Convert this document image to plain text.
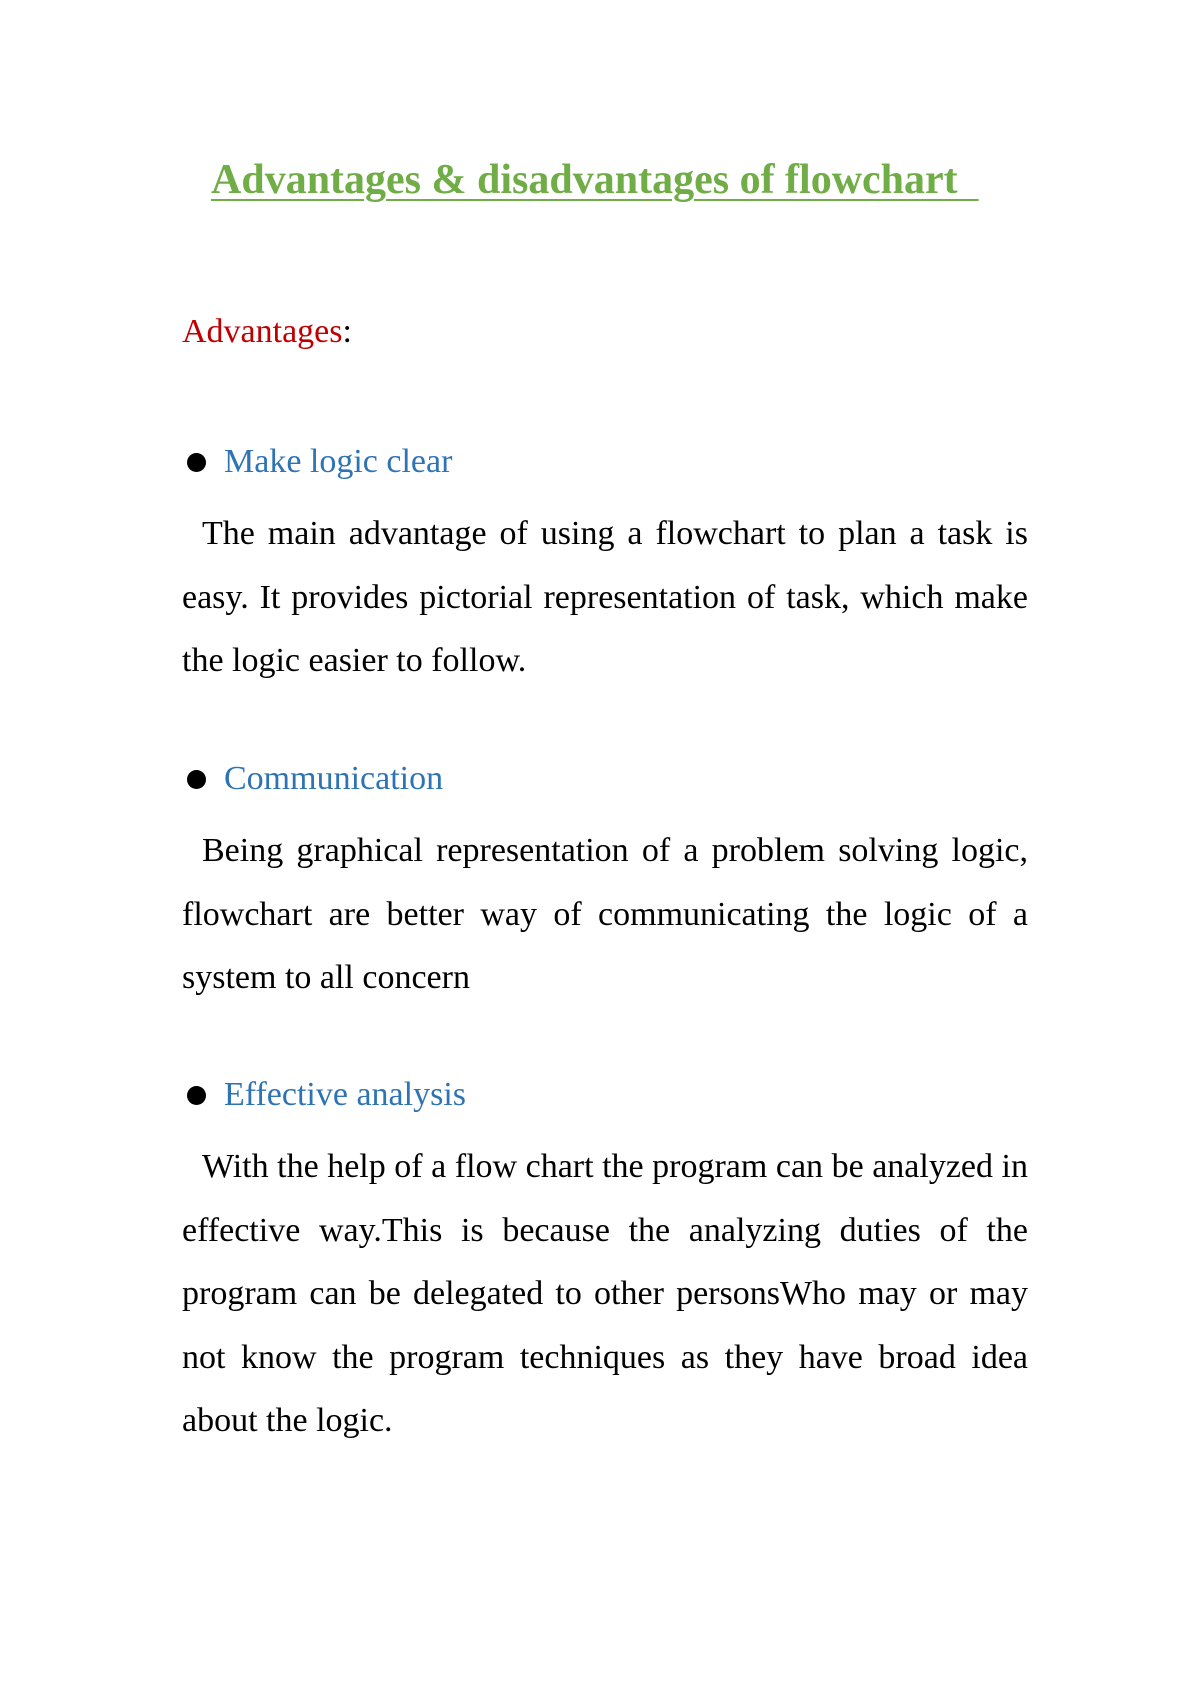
Advantages & disadvantages of flowchart

Advantages:

Make logic clear

The main advantage of using a flowchart to plan a task is easy. It provides pictorial representation of task, which make the logic easier to follow.

Communication

Being graphical representation of a problem solving logic, flowchart are better way of communicating the logic of a system to all concern

Effective analysis

With the help of a flow chart the program can be analyzed in effective way.This is because the analyzing duties of the program can be delegated to other personsWho may or may not know the program techniques as they have broad idea about the logic.
